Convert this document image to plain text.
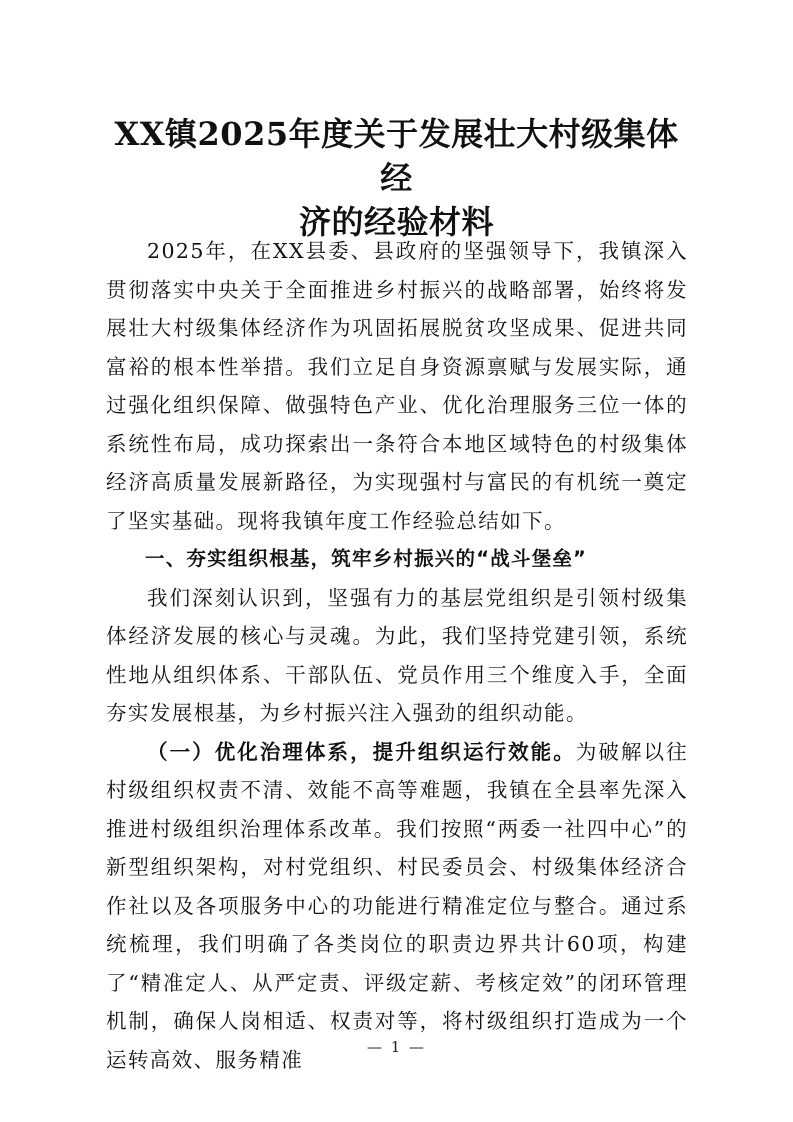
XX镇2025年度关于发展壮大村级集体经
济的经验材料

2025年，在XX县委、县政府的坚强领导下，我镇深入贯彻落实中央关于全面推进乡村振兴的战略部署，始终将发展壮大村级集体经济作为巩固拓展脱贫攻坚成果、促进共同富裕的根本性举措。我们立足自身资源禀赋与发展实际，通过强化组织保障、做强特色产业、优化治理服务三位一体的系统性布局，成功探索出一条符合本地区域特色的村级集体经济高质量发展新路径，为实现强村与富民的有机统一奠定了坚实基础。现将我镇年度工作经验总结如下。

一、夯实组织根基，筑牢乡村振兴的“战斗堡垒”

我们深刻认识到，坚强有力的基层党组织是引领村级集体经济发展的核心与灵魂。为此，我们坚持党建引领，系统性地从组织体系、干部队伍、党员作用三个维度入手，全面夯实发展根基，为乡村振兴注入强劲的组织动能。

（一）优化治理体系，提升组织运行效能。为破解以往村级组织权责不清、效能不高等难题，我镇在全县率先深入推进村级组织治理体系改革。我们按照“两委一社四中心”的新型组织架构，对村党组织、村民委员会、村级集体经济合作社以及各项服务中心的功能进行精准定位与整合。通过系统梳理，我们明确了各类岗位的职责边界共计60项，构建了“精准定人、从严定责、评级定薪、考核定效”的闭环管理机制，确保人岗相适、权责对等，将村级组织打造成为一个运转高效、服务精准

— 1 —
